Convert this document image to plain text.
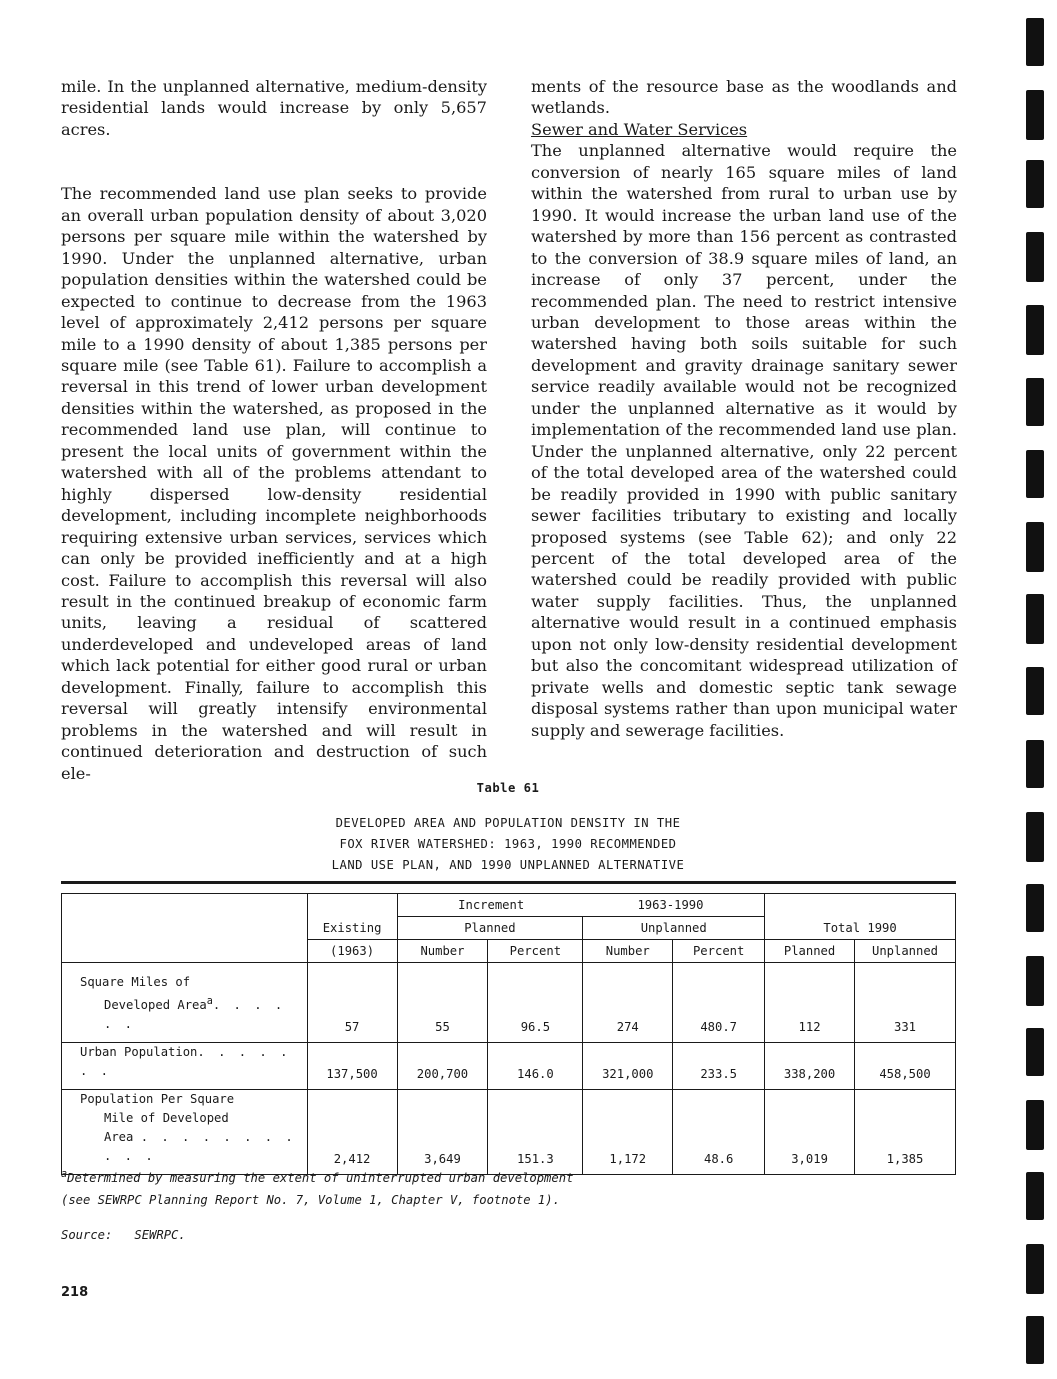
mile. In the unplanned alternative, medium-density residential lands would increase by only 5,657 acres.

The recommended land use plan seeks to provide an overall urban population density of about 3,020 persons per square mile within the watershed by 1990. Under the unplanned alternative, urban population densities within the watershed could be expected to continue to decrease from the 1963 level of approximately 2,412 persons per square mile to a 1990 density of about 1,385 persons per square mile (see Table 61). Failure to accomplish a reversal in this trend of lower urban development densities within the watershed, as proposed in the recommended land use plan, will continue to present the local units of government within the watershed with all of the problems attendant to highly dispersed low-density residential development, including incomplete neighborhoods requiring extensive urban services, services which can only be provided inefficiently and at a high cost. Failure to accomplish this reversal will also result in the continued breakup of economic farm units, leaving a residual of scattered underdeveloped and undeveloped areas of land which lack potential for either good rural or urban development. Finally, failure to accomplish this reversal will greatly intensify environmental problems in the watershed and will result in continued deterioration and destruction of such ele-

ments of the resource base as the woodlands and wetlands.

Sewer and Water Services

The unplanned alternative would require the conversion of nearly 165 square miles of land within the watershed from rural to urban use by 1990. It would increase the urban land use of the watershed by more than 156 percent as contrasted to the conversion of 38.9 square miles of land, an increase of only 37 percent, under the recommended plan. The need to restrict intensive urban development to those areas within the watershed having both soils suitable for such development and gravity drainage sanitary sewer service readily available would not be recognized under the unplanned alternative as it would by implementation of the recommended land use plan. Under the unplanned alternative, only 22 percent of the total developed area of the watershed could be readily provided in 1990 with public sanitary sewer facilities tributary to existing and locally proposed systems (see Table 62); and only 22 percent of the total developed area of the watershed could be readily provided with public water supply facilities. Thus, the unplanned alternative would result in a continued emphasis upon not only low-density residential development but also the concomitant widespread utilization of private wells and domestic septic tank sewage disposal systems rather than upon municipal water supply and sewerage facilities.

Table 61
DEVELOPED AREA AND POPULATION DENSITY IN THE
FOX RIVER WATERSHED: 1963, 1990 RECOMMENDED
LAND USE PLAN, AND 1990 UNPLANNED ALTERNATIVE
	Existing	Increment 1963-1990				Total 1990	
		Planned		Unplanned			
	(1963)	Number	Percent	Number	Percent	Planned	Unplanned

Square Miles of
Developed Area$^a$. . . . . .	57	55	96.5	274	480.7	112	331

Urban Population. . . . . . .	137,500	200,700	146.0	321,000	233.5	338,200	458,500

Population Per Square
Mile of Developed
Area . . . . . . . . . . .	2,412	3,649	151.3	1,172	48.6	3,019	1,385
$^a$Determined by measuring the extent of uninterrupted urban development
(see SEWRPC Planning Report No. 7, Volume 1, Chapter V, footnote 1).
Source:   SEWRPC.
218
